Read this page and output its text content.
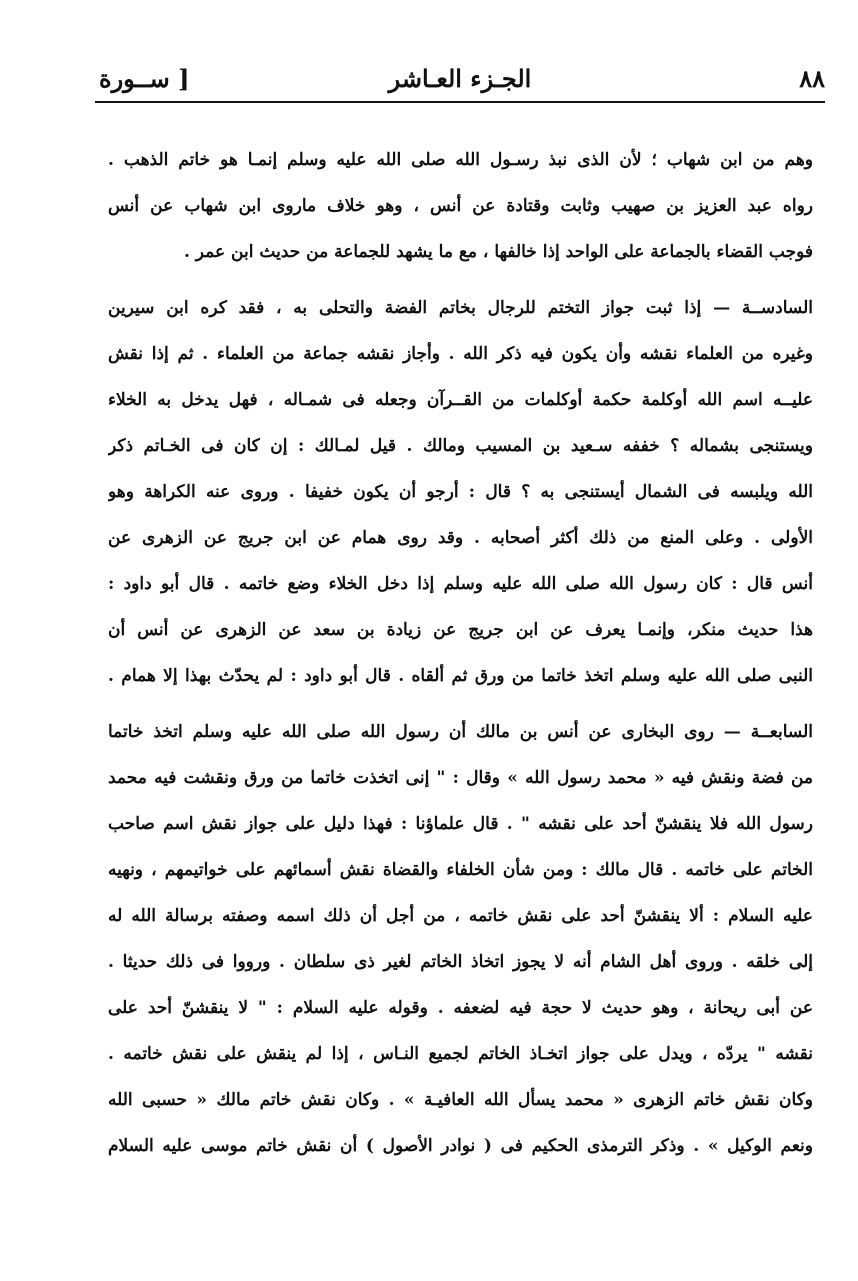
٨٨
الجـزء العـاشر
[ ســورة
وهم من ابن شهاب ؛ لأن الذى نبذ رسـول الله صلى الله عليه وسلم إنمـا هو خاتم الذهب .
رواه عبد العزيز بن صهيب وثابت وقتادة عن أنس ، وهو خلاف ماروى ابن شهاب عن أنس
فوجب القضاء بالجماعة على الواحد إذا خالفها ، مع ما يشهد للجماعة من حديث ابن عمر .
السادســة — إذا ثبت جواز التختم للرجال بخاتم الفضة والتحلى به ، فقد كره ابن سيرين
وغيره من العلماء نقشه وأن يكون فيه ذكر الله . وأجاز نقشه جماعة من العلماء . ثم إذا نقش
عليــه اسم الله أوكلمة حكمة أوكلمات من القــرآن وجعله فى شمـاله ، فهل يدخل به الخلاء
ويستنجى بشماله ؟ خففه سـعيد بن المسيب ومالك . قيل لمـالك : إن كان فى الخـاتم ذكر
الله ويلبسه فى الشمال أيستنجى به ؟ قال : أرجو أن يكون خفيفا . وروى عنه الكراهة وهو
الأولى . وعلى المنع من ذلك أكثر أصحابه . وقد روى همام عن ابن جريج عن الزهرى عن
أنس قال : كان رسول الله صلى الله عليه وسلم إذا دخل الخلاء وضع خاتمه . قال أبو داود :
هذا حديث منكر، وإنمـا يعرف عن ابن جريج عن زيادة بن سعد عن الزهرى عن أنس أن
النبى صلى الله عليه وسلم اتخذ خاتما من ورق ثم ألقاه . قال أبو داود : لم يحدّث بهذا إلا همام .
السابعــة — روى البخارى عن أنس بن مالك أن رسول الله صلى الله عليه وسلم اتخذ خاتما
من فضة ونقش فيه « محمد رسول الله » وقال : " إنى اتخذت خاتما من ورق ونقشت فيه محمد
رسول الله فلا ينقشنّ أحد على نقشه " . قال علماؤنا : فهذا دليل على جواز نقش اسم صاحب
الخاتم على خاتمه . قال مالك : ومن شأن الخلفاء والقضاة نقش أسمائهم على خواتيمهم ، ونهيه
عليه السلام : ألا ينقشنّ أحد على نقش خاتمه ، من أجل أن ذلك اسمه وصفته برسالة الله له
إلى خلقه . وروى أهل الشام أنه لا يجوز اتخاذ الخاتم لغير ذى سلطان . ورووا فى ذلك حديثا .
عن أبى ريحانة ، وهو حديث لا حجة فيه لضعفه . وقوله عليه السلام : " لا ينقشنّ أحد على
نقشه " يردّه ، ويدل على جواز اتخـاذ الخاتم لجميع النـاس ، إذا لم ينقش على نقش خاتمه .
وكان نقش خاتم الزهرى « محمد يسأل الله العافيـة » . وكان نقش خاتم مالك « حسبى الله
ونعم الوكيل » . وذكر الترمذى الحكيم فى ( نوادر الأصول ) أن نقش خاتم موسى عليه السلام
